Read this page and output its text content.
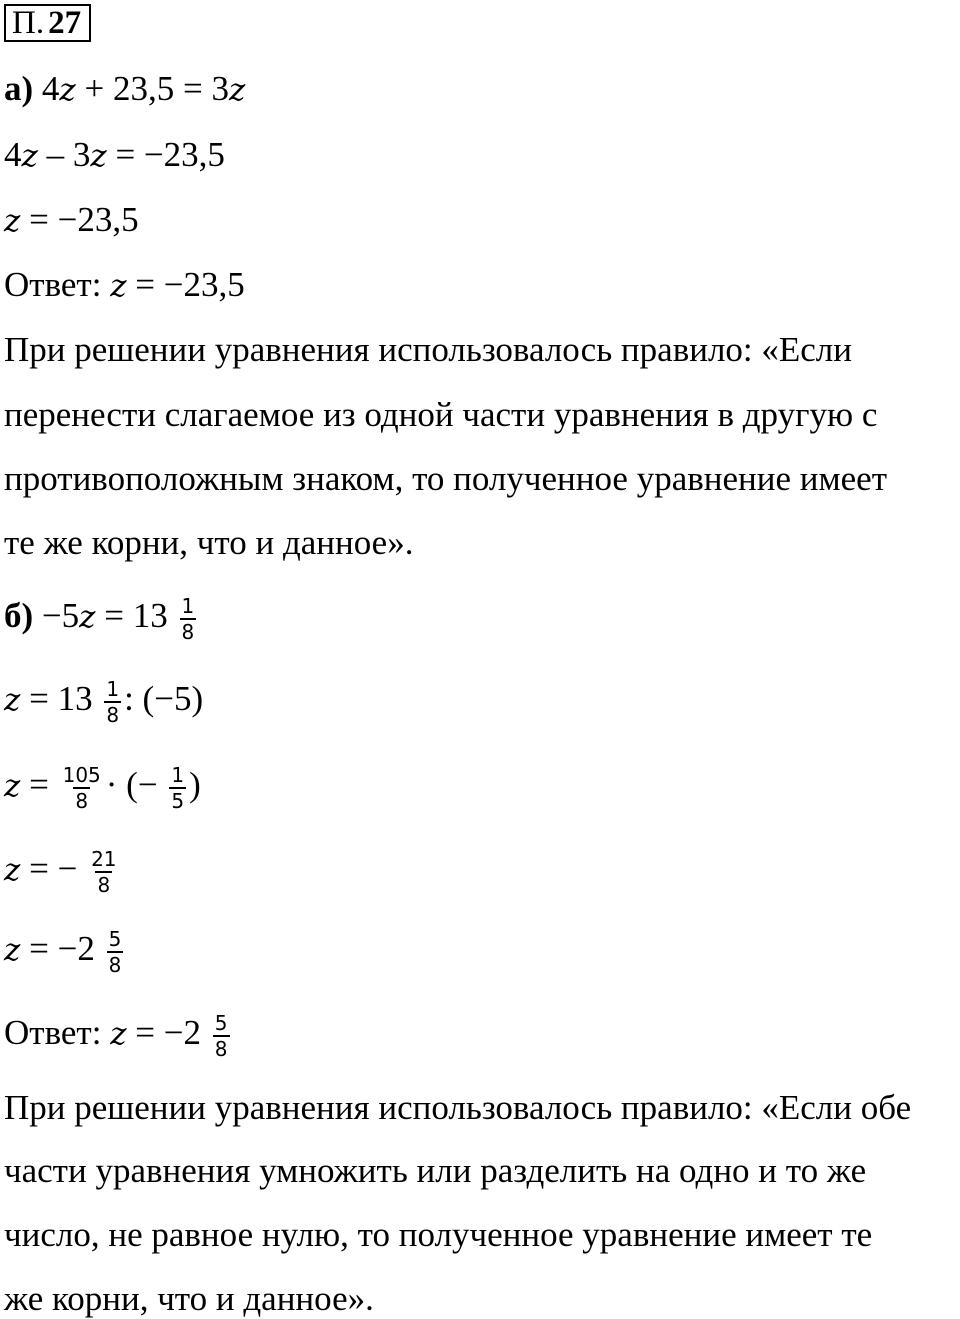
П. 27
а) 4z + 23,5 = 3z
4z – 3z = −23,5
z = −23,5
Ответ: z = −23,5
При решении уравнения использовалось правило: «Если
перенести слагаемое из одной части уравнения в другую с
противоположным знаком, то полученное уравнение имеет
те же корни, что и данное».
$б) -5z = 13 \frac{1}{8}$
$z = 13 \frac{1}{8}$ : (−5)
$z = \frac{105}{8}$ · (− $\frac{1}{5}$ )
z = − $\frac{21}{8}$
$z = -2 \frac{5}{8}$
Ответ: $z = -2 \frac{5}{8}$
При решении уравнения использовалось правило: «Если обе
части уравнения умножить или разделить на одно и то же
число, не равное нулю, то полученное уравнение имеет те
же корни, что и данное».
